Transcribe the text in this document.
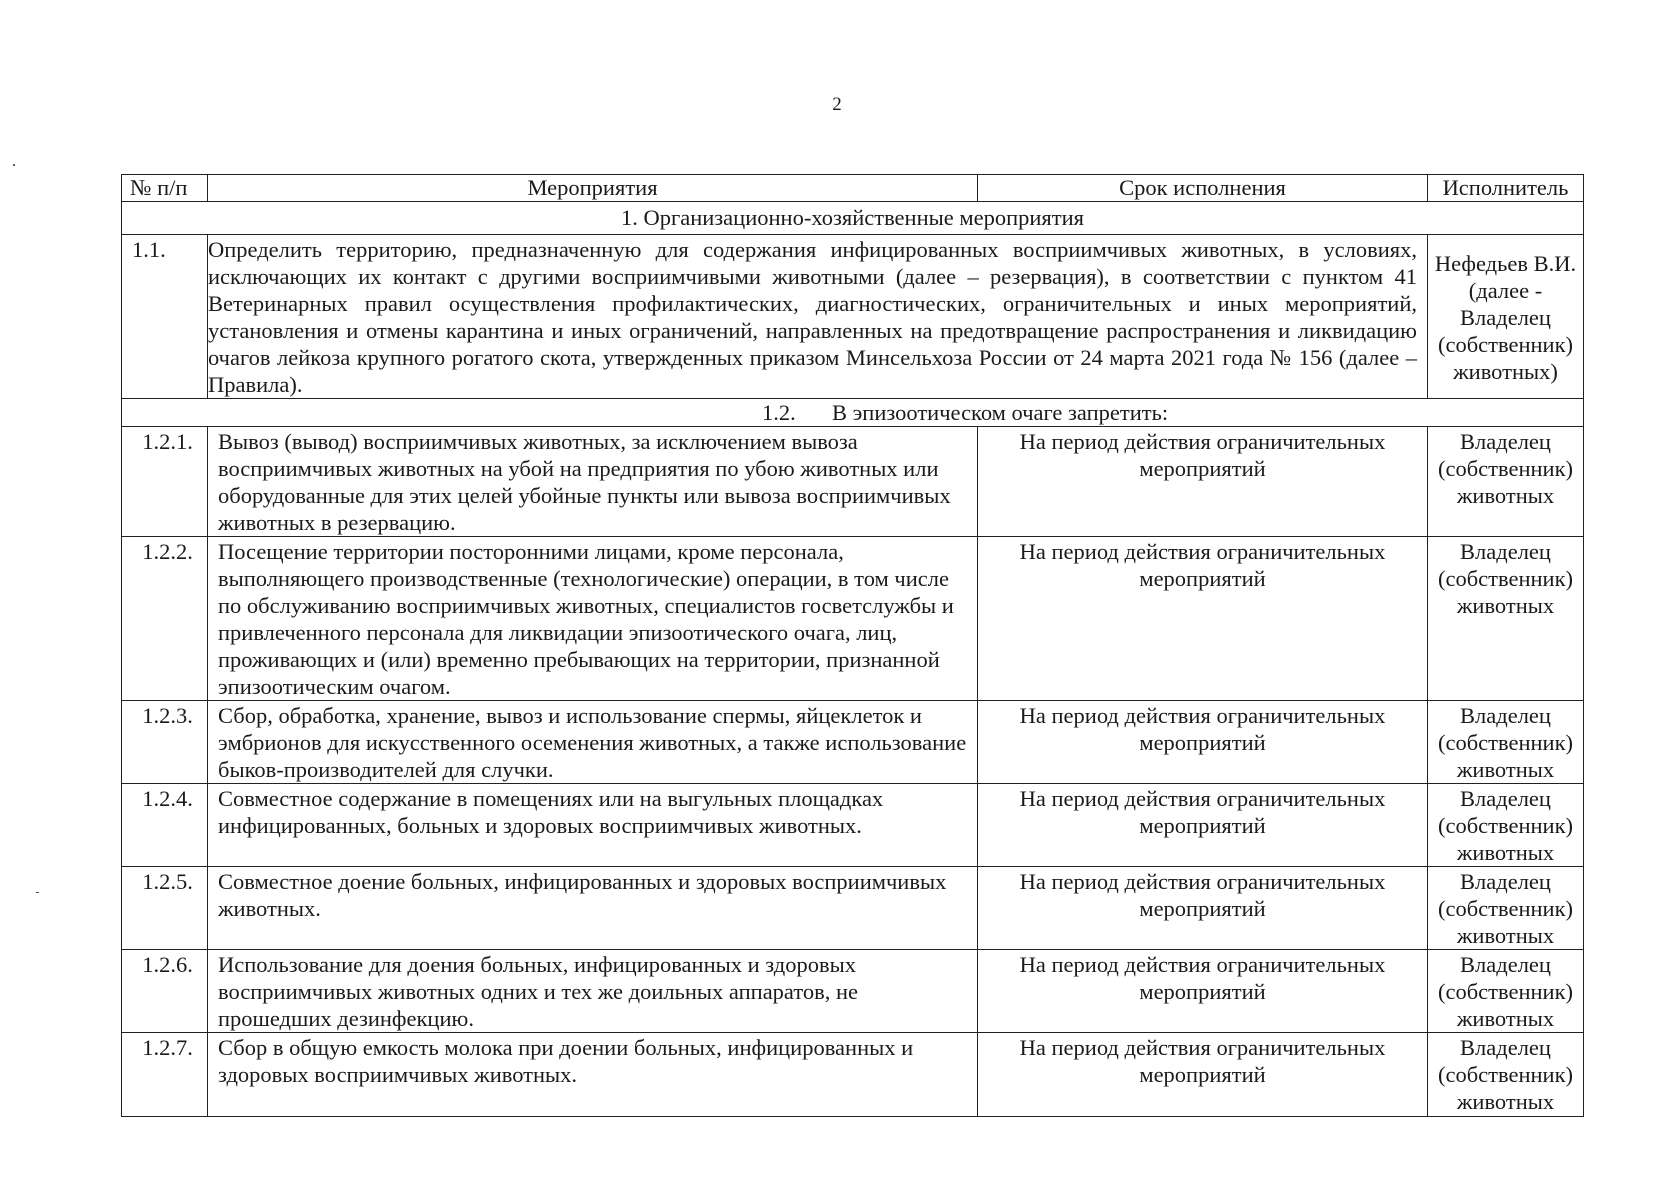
2
№ п/п	Мероприятия	Срок исполнения	Исполнитель
1. Организационно-хозяйственные мероприятия			
1.1.	Определить территорию, предназначенную для содержания инфицированных восприимчивых животных, в условиях, исключающих их контакт с другими восприимчивыми животными (далее – резервация), в соответствии с пунктом 41 Ветеринарных правил осуществления профилактических, диагностических, ограничительных и иных мероприятий, установления и отмены карантина и иных ограничений, направленных на предотвращение распространения и ликвидацию очагов лейкоза крупного рогатого скота, утвержденных приказом Минсельхоза России от 24 марта 2021 года № 156 (далее – Правила).		Нефедьев В.И. (далее - Владелец (собственник) животных)
1.2. В эпизоотическом очаге запретить:			
1.2.1.	Вывоз (вывод) восприимчивых животных, за исключением вывоза восприимчивых животных на убой на предприятия по убою животных или оборудованные для этих целей убойные пункты или вывоза восприимчивых животных в резервацию.	На период действия ограничительных мероприятий	Владелец (собственник) животных
1.2.2.	Посещение территории посторонними лицами, кроме персонала, выполняющего производственные (технологические) операции, в том числе по обслуживанию восприимчивых животных, специалистов госветслужбы и привлеченного персонала для ликвидации эпизоотического очага, лиц, проживающих и (или) временно пребывающих на территории, признанной эпизоотическим очагом.	На период действия ограничительных мероприятий	Владелец (собственник) животных
1.2.3.	Сбор, обработка, хранение, вывоз и использование спермы, яйцеклеток и эмбрионов для искусственного осеменения животных, а также использование быков-производителей для случки.	На период действия ограничительных мероприятий	Владелец (собственник) животных
1.2.4.	Совместное содержание в помещениях или на выгульных площадках инфицированных, больных и здоровых восприимчивых животных.	На период действия ограничительных мероприятий	Владелец (собственник) животных
1.2.5.	Совместное доение больных, инфицированных и здоровых восприимчивых животных.	На период действия ограничительных мероприятий	Владелец (собственник) животных
1.2.6.	Использование для доения больных, инфицированных и здоровых восприимчивых животных одних и тех же доильных аппаратов, не прошедших дезинфекцию.	На период действия ограничительных мероприятий	Владелец (собственник) животных
1.2.7.	Сбор в общую емкость молока при доении больных, инфицированных и здоровых восприимчивых животных.	На период действия ограничительных мероприятий	Владелец (собственник) животных
